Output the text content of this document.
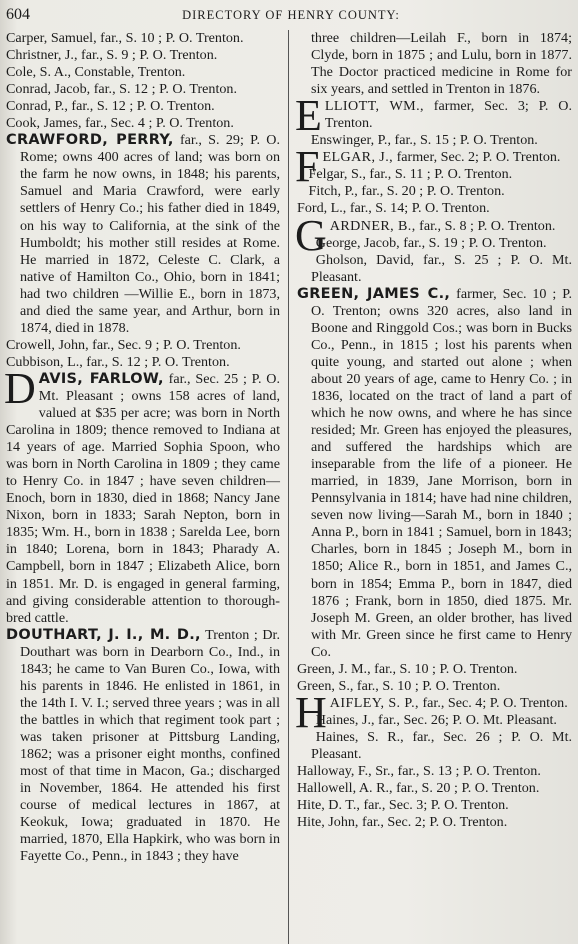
604	DIRECTORY OF HENRY COUNTY:

Carper, Samuel, far., S. 10 ; P. O. Trenton.

Christner, J., far., S. 9 ; P. O. Trenton.

Cole, S. A., Constable, Trenton.

Conrad, Jacob, far., S. 12 ; P. O. Trenton.

Conrad, P., far., S. 12 ; P. O. Trenton.

Cook, James, far., Sec. 4 ; P. O. Trenton.

CRAWFORD, PERRY, far., S. 29; P. O. Rome; owns 400 acres of land; was born on the farm he now owns, in 1848; his parents, Samuel and Maria Crawford, were early settlers of Henry Co.; his father died in 1849, on his way to California, at the sink of the Humboldt; his mother still resides at Rome. He married in 1872, Celeste C. Clark, a native of Hamilton Co., Ohio, born in 1841; had two children —Willie E., born in 1873, and died the same year, and Arthur, born in 1874, died in 1878.

Crowell, John, far., Sec. 9 ; P. O. Trenton.

Cubbison, L., far., S. 12 ; P. O. Trenton.

DAVIS, FARLOW, far., Sec. 25 ; P. O. Mt. Pleasant ; owns 158 acres of land, valued at $35 per acre; was born in North Carolina in 1809; thence removed to Indiana at 14 years of age. Married Sophia Spoon, who was born in North Carolina in 1809 ; they came to Henry Co. in 1847 ; have seven children—Enoch, born in 1830, died in 1868; Nancy Jane Nixon, born in 1833; Sarah Nepton, born in 1835; Wm. H., born in 1838 ; Sarelda Lee, born in 1840; Lorena, born in 1843; Pharady A. Campbell, born in 1847 ; Elizabeth Alice, born in 1851. Mr. D. is engaged in general farming, and giving considerable attention to thorough-bred cattle.

DOUTHART, J. I., M. D., Trenton ; Dr. Douthart was born in Dearborn Co., Ind., in 1843; he came to Van Buren Co., Iowa, with his parents in 1846. He enlisted in 1861, in the 14th I. V. I.; served three years ; was in all the battles in which that regiment took part ; was taken prisoner at Pittsburg Landing, 1862; was a prisoner eight months, confined most of that time in Macon, Ga.; discharged in November, 1864. He attended his first course of medical lectures in 1867, at Keokuk, Iowa; graduated in 1870. He married, 1870, Ella Hapkirk, who was born in Fayette Co., Penn., in 1843 ; they have

three children—Leilah F., born in 1874; Clyde, born in 1875 ; and Lulu, born in 1877. The Doctor practiced medicine in Rome for six years, and settled in Trenton in 1876.

ELLIOTT, WM., farmer, Sec. 3; P. O. Trenton.

Enswinger, P., far., S. 15 ; P. O. Trenton.

FELGAR, J., farmer, Sec. 2; P. O. Trenton.

Felgar, S., far., S. 11 ; P. O. Trenton.

Fitch, P., far., S. 20 ; P. O. Trenton.

Ford, L., far., S. 14; P. O. Trenton.

GARDNER, B., far., S. 8 ; P. O. Trenton.

George, Jacob, far., S. 19 ; P. O. Trenton.

Gholson, David, far., S. 25 ; P. O. Mt. Pleasant.

GREEN, JAMES C., farmer, Sec. 10 ; P. O. Trenton; owns 320 acres, also land in Boone and Ringgold Cos.; was born in Bucks Co., Penn., in 1815 ; lost his parents when quite young, and started out alone ; when about 20 years of age, came to Henry Co. ; in 1836, located on the tract of land a part of which he now owns, and where he has since resided; Mr. Green has enjoyed the pleasures, and suffered the hardships which are inseparable from the life of a pioneer. He married, in 1839, Jane Morrison, born in Pennsylvania in 1814; have had nine children, seven now living—Sarah M., born in 1840 ; Anna P., born in 1841 ; Samuel, born in 1843; Charles, born in 1845 ; Joseph M., born in 1850; Alice R., born in 1851, and James C., born in 1854; Emma P., born in 1847, died 1876 ; Frank, born in 1850, died 1875. Mr. Joseph M. Green, an older brother, has lived with Mr. Green since he first came to Henry Co.

Green, J. M., far., S. 10 ; P. O. Trenton.

Green, S., far., S. 10 ; P. O. Trenton.

HAIFLEY, S. P., far., Sec. 4; P. O. Trenton.

Haines, J., far., Sec. 26; P. O. Mt. Pleasant.

Haines, S. R., far., Sec. 26 ; P. O. Mt. Pleasant.

Halloway, F., Sr., far., S. 13 ; P. O. Trenton.

Hallowell, A. R., far., S. 20 ; P. O. Trenton.

Hite, D. T., far., Sec. 3; P. O. Trenton.

Hite, John, far., Sec. 2; P. O. Trenton.
